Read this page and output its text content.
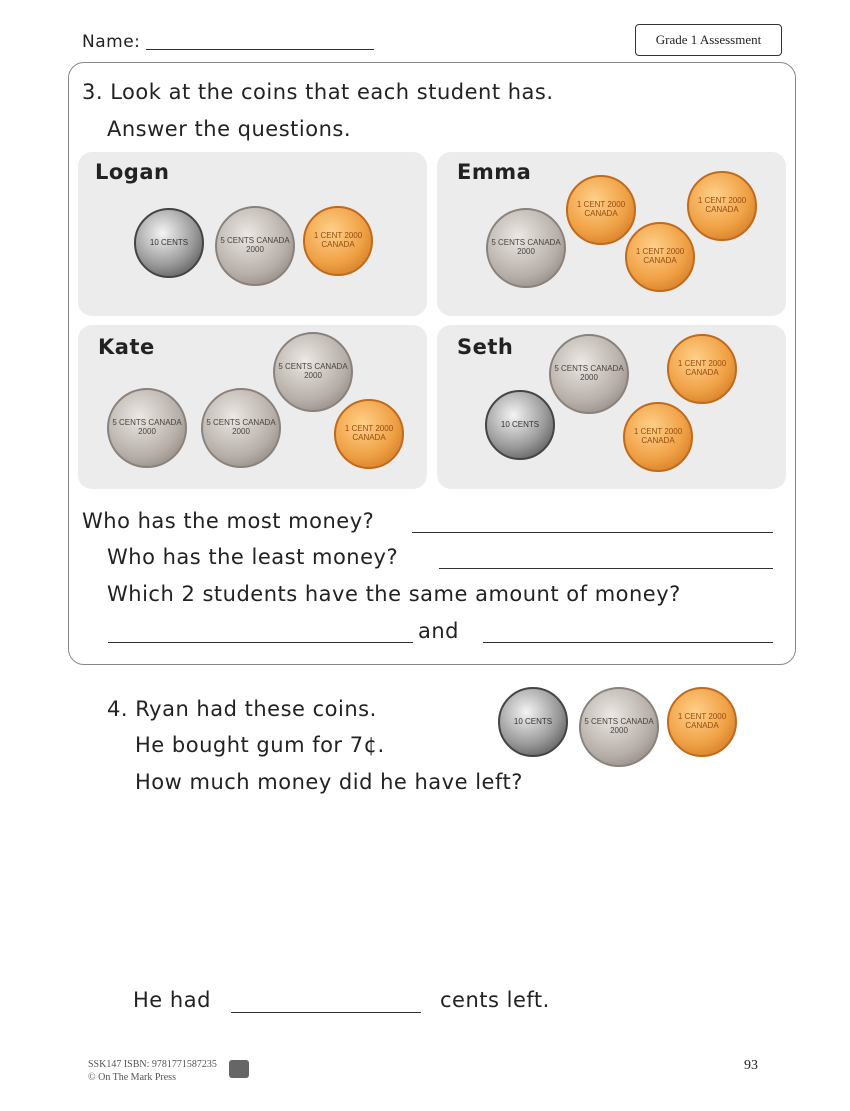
Name:	Grade 1 Assessment
3. Look at the coins that each student has.
Answer the questions.
Logan	Emma
Kate	Seth
10 CENTS	5 CENTS CANADA 2000
1 CENT 2000 CANADA	5 CENTS CANADA 2000
1 CENT 2000 CANADA
1 CENT 2000 CANADA
1 CENT 2000 CANADA
5 CENTS CANADA 2000
5 CENTS CANADA 2000
5 CENTS CANADA 2000
1 CENT 2000 CANADA
10 CENTS
5 CENTS CANADA 2000
1 CENT 2000 CANADA
1 CENT 2000 CANADA
Who has the most money?
Who has the least money?
Which 2 students have the same amount of money?
and
4. Ryan had these coins.
He bought gum for 7¢.
How much money did he have left?
10 CENTS	5 CENTS CANADA 2000
1 CENT 2000 CANADA
He had	cents left.
SSK147 ISBN: 9781771587235
© On The Mark Press
93
